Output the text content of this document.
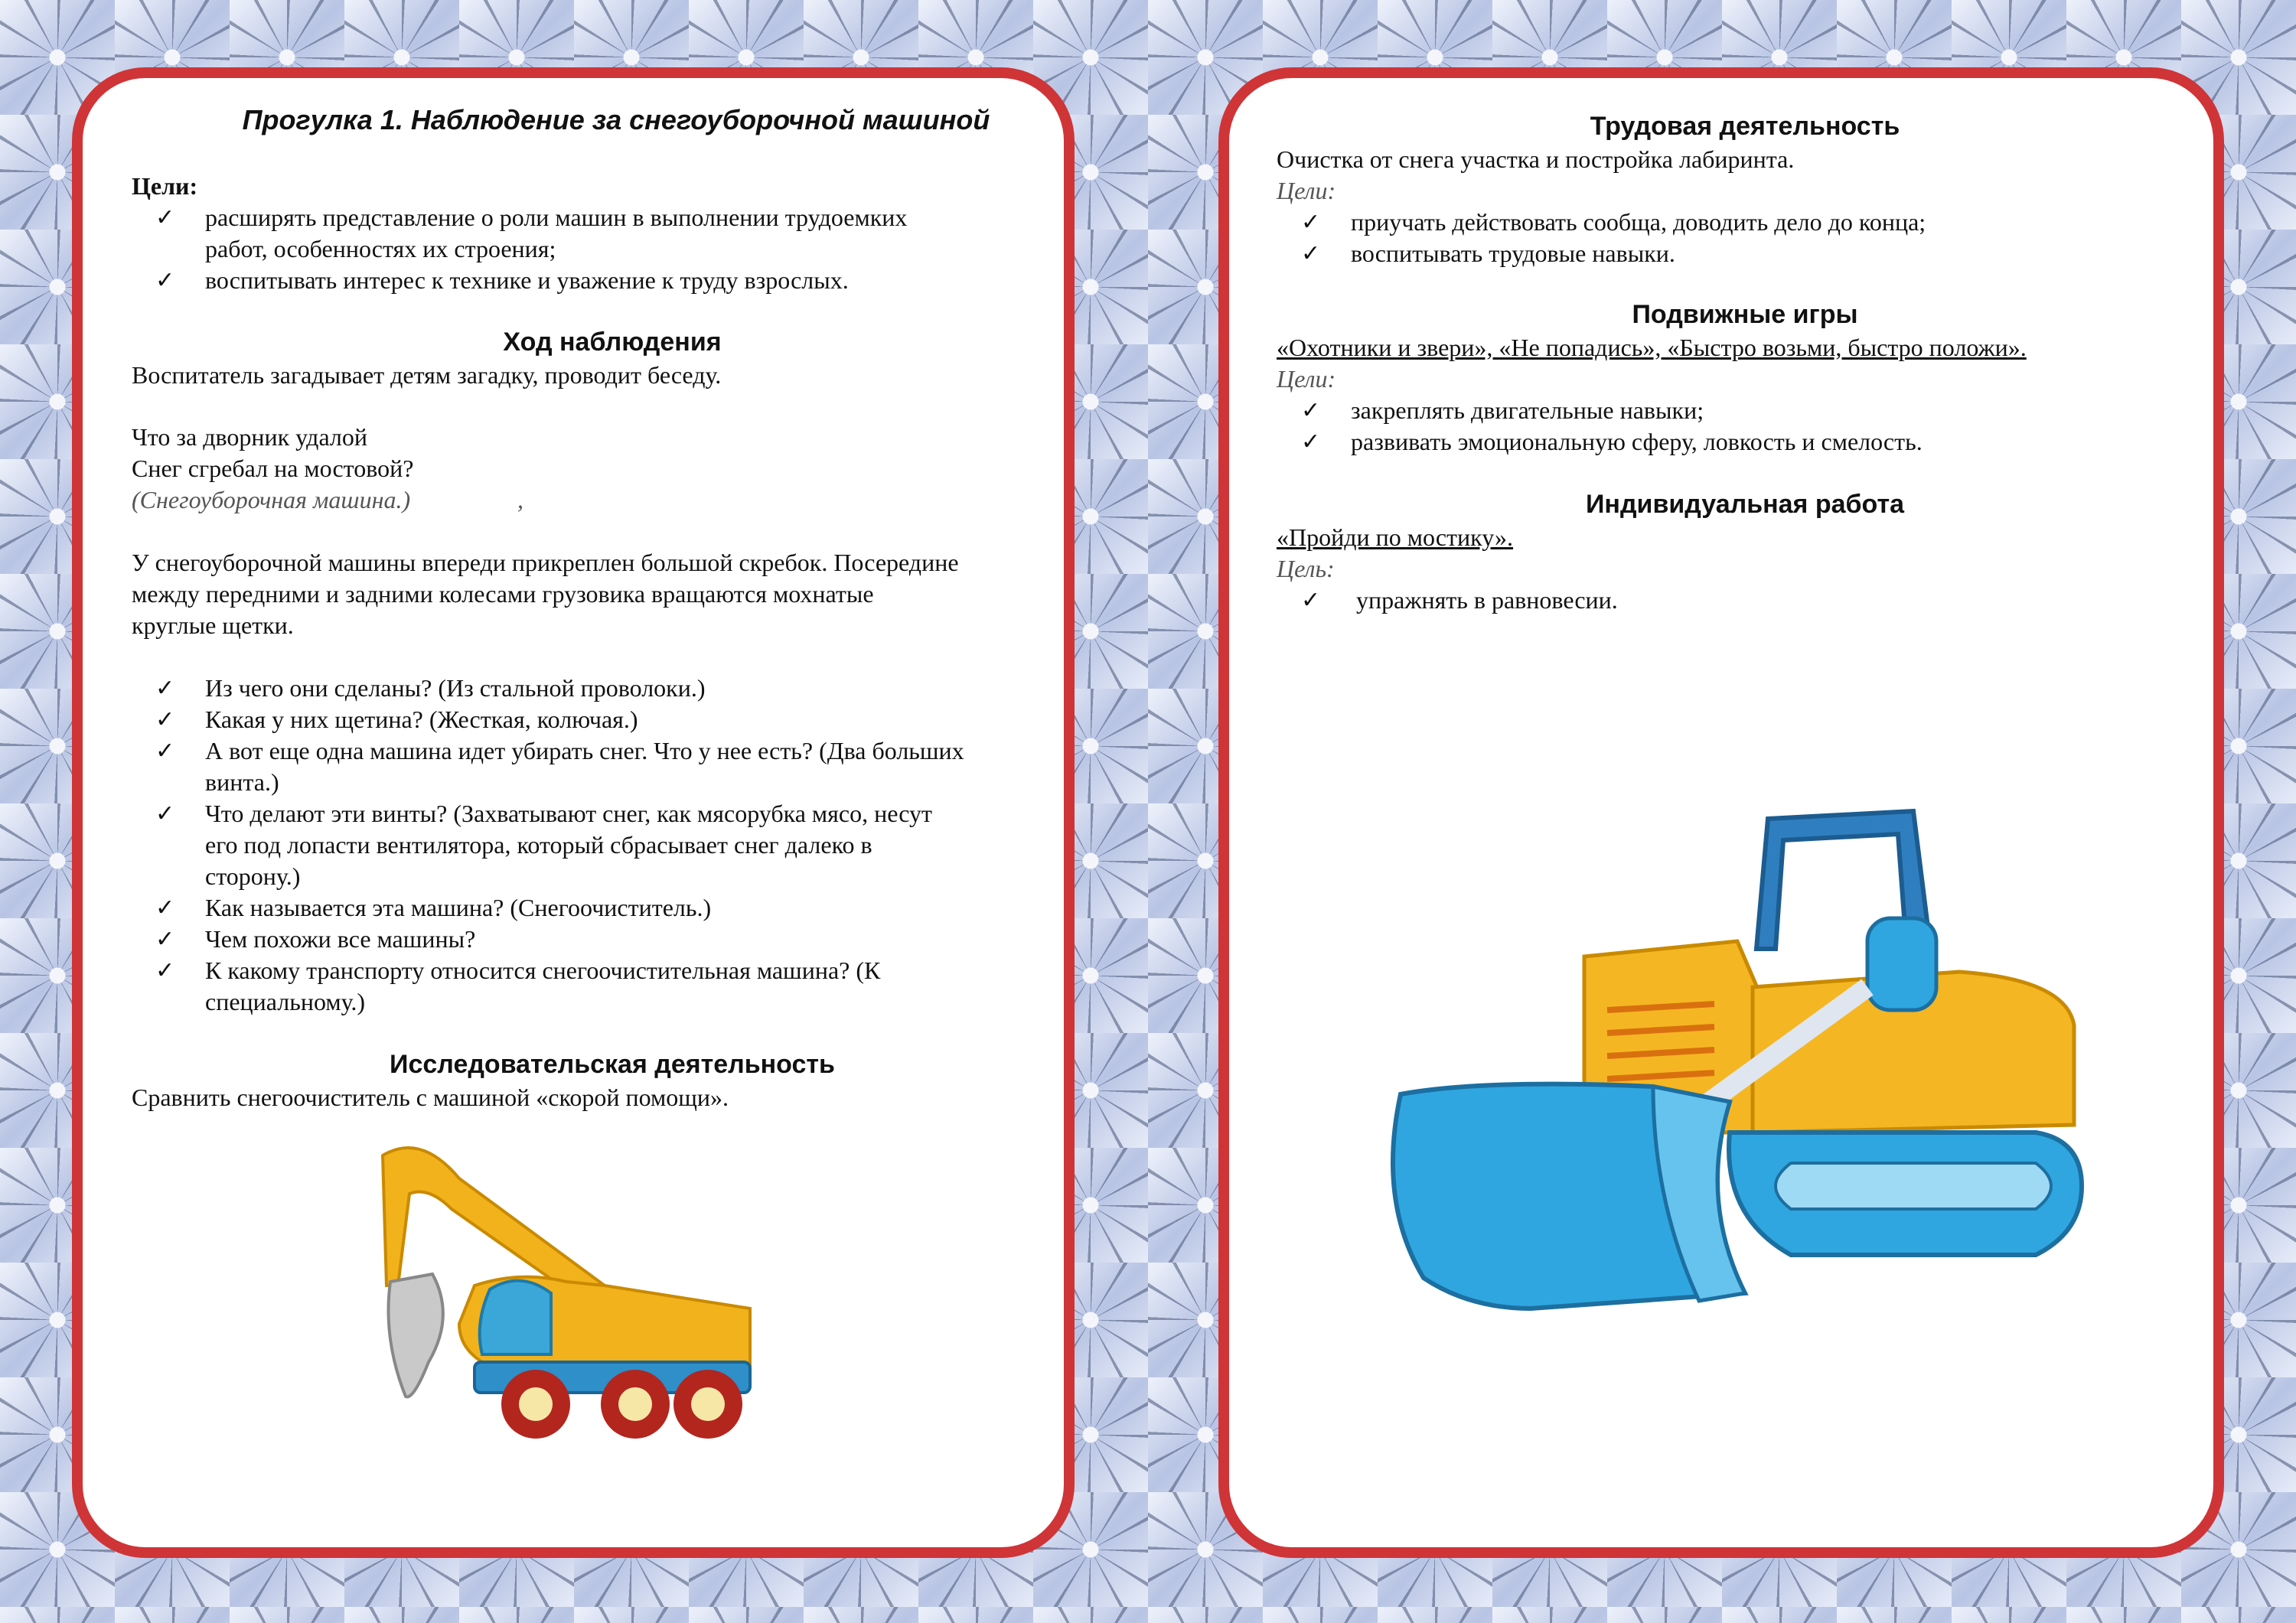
Прогулка 1. Наблюдение за снегоуборочной машиной
Цели:
✓ расширять представление о роли машин в выполнении трудоемких
работ, особенностях их строения;
✓ воспитывать интерес к технике и уважение к труду взрослых.
Ход наблюдения
Воспитатель загадывает детям загадку, проводит беседу.
Что за дворник удалой
Снег сгребал на мостовой?
(Снегоуборочная машина.)	,
У снегоуборочной машины впереди прикреплен большой скребок. Посередине
между передними и задними колесами грузовика вращаются мохнатые
круглые щетки.
✓ Из чего они сделаны? (Из стальной проволоки.)
✓ Какая у них щетина? (Жесткая, колючая.)
✓ А вот еще одна машина идет убирать снег. Что у нее есть? (Два больших
винта.)
✓ Что делают эти винты? (Захватывают снег, как мясорубка мясо, несут
его под лопасти вентилятора, который сбрасывает снег далеко в
сторону.)
✓ Как называется эта машина? (Снегоочиститель.)
✓ Чем похожи все машины?
✓ К какому транспорту относится снегоочистительная машина? (К
специальному.)
Исследовательская деятельность
Сравнить снегоочиститель с машиной «скорой помощи».
Трудовая деятельность
Очистка от снега участка и постройка лабиринта.
Цели:
✓ приучать действовать сообща, доводить дело до конца;
✓ воспитывать трудовые навыки.
Подвижные игры
«Охотники и звери», «Не попадись», «Быстро возьми, быстро положи».
Цели:
✓ закреплять двигательные навыки;
✓ развивать эмоциональную сферу, ловкость и смелость.
Индивидуальная работа
«Пройди по мостику».
Цель:
✓ упражнять в равновесии.
